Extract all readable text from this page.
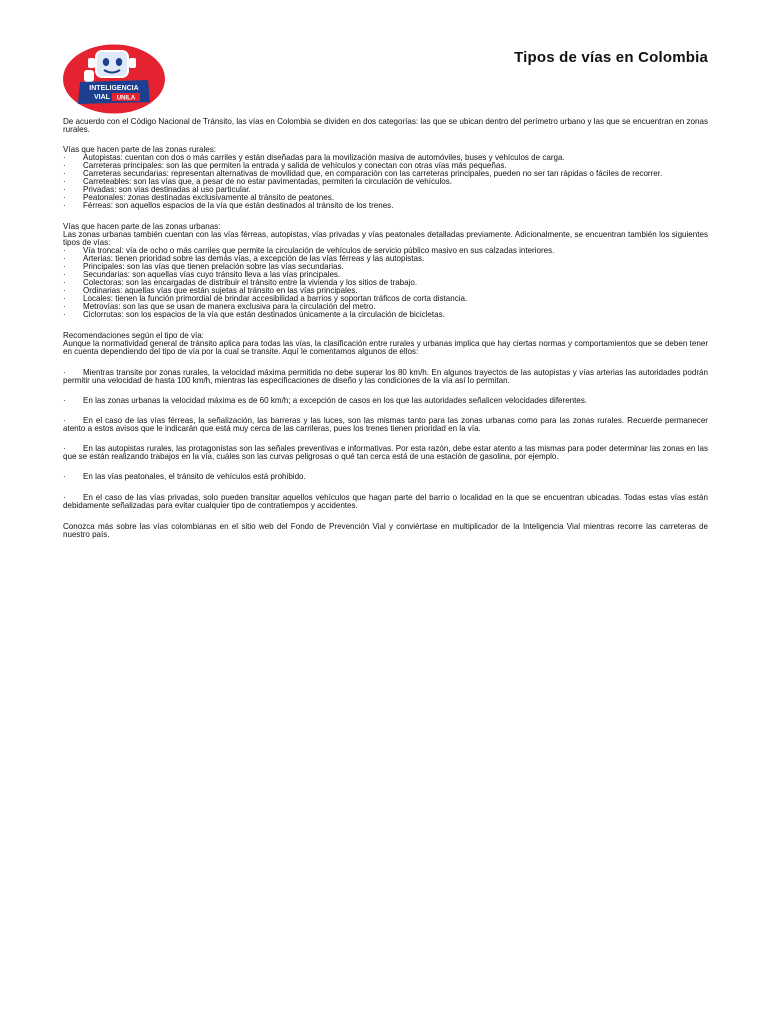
INTELIGENCIA
VIAL UNILA
Tipos de vías en Colombia

De acuerdo con el Código Nacional de Tránsito, las vías en Colombia se dividen en dos categorías: las que se ubican dentro del perímetro urbano y las que se encuentran en zonas rurales.

Vías que hacen parte de las zonas rurales:

· Autopistas: cuentan con dos o más carriles y están diseñadas para la movilización masiva de automóviles, buses y vehículos de carga.

· Carreteras principales: son las que permiten la entrada y salida de vehículos y conectan con otras vías más pequeñas.

· Carreteras secundarias: representan alternativas de movilidad que, en comparación con las carreteras principales, pueden no ser tan rápidas o fáciles de recorrer.

· Carreteables: son las vías que, a pesar de no estar pavimentadas, permiten la circulación de vehículos.

· Privadas: son vías destinadas al uso particular.

· Peatonales: zonas destinadas exclusivamente al tránsito de peatones.

· Férreas: son aquellos espacios de la vía que están destinados al tránsito de los trenes.

Vías que hacen parte de las zonas urbanas:

Las zonas urbanas también cuentan con las vías férreas, autopistas, vías privadas y vías peatonales detalladas previamente. Adicionalmente, se encuentran también los siguientes tipos de vías:

· Vía troncal: vía de ocho o más carriles que permite la circulación de vehículos de servicio público masivo en sus calzadas interiores.

· Arterias: tienen prioridad sobre las demás vías, a excepción de las vías férreas y las autopistas.

· Principales: son las vías que tienen prelación sobre las vías secundarias.

· Secundarias: son aquellas vías cuyo tránsito lleva a las vías principales.

· Colectoras: son las encargadas de distribuir el tránsito entre la vivienda y los sitios de trabajo.

· Ordinarias: aquellas vías que están sujetas al tránsito en las vías principales.

· Locales: tienen la función primordial de brindar accesibilidad a barrios y soportan tráficos de corta distancia.

· Metrovías: son las que se usan de manera exclusiva para la circulación del metro.

· Ciclorrutas: son los espacios de la vía que están destinados únicamente a la circulación de bicicletas.

Recomendaciones según el tipo de vía:

Aunque la normatividad general de tránsito aplica para todas las vías, la clasificación entre rurales y urbanas implica que hay ciertas normas y comportamientos que se deben tener en cuenta dependiendo del tipo de vía por la cual se transite. Aquí le comentamos algunos de ellos:

· Mientras transite por zonas rurales, la velocidad máxima permitida no debe superar los 80 km/h. En algunos trayectos de las autopistas y vías arterias las autoridades podrán permitir una velocidad de hasta 100 km/h, mientras las especificaciones de diseño y las condiciones de la vía así lo permitan.

· En las zonas urbanas la velocidad máxima es de 60 km/h; a excepción de casos en los que las autoridades señalicen velocidades diferentes.

· En el caso de las vías férreas, la señalización, las barreras y las luces, son las mismas tanto para las zonas urbanas como para las zonas rurales. Recuerde permanecer atento a estos avisos que le indicarán que está muy cerca de las carrileras, pues los trenes tienen prioridad en la vía.

· En las autopistas rurales, las protagonistas son las señales preventivas e informativas. Por esta razón, debe estar atento a las mismas para poder determinar las zonas en las que se están realizando trabajos en la vía, cuáles son las curvas peligrosas o qué tan cerca está de una estación de gasolina, por ejemplo.

· En las vías peatonales, el tránsito de vehículos está prohibido.

· En el caso de las vías privadas, solo pueden transitar aquellos vehículos que hagan parte del barrio o localidad en la que se encuentran ubicadas. Todas estas vías están debidamente señalizadas para evitar cualquier tipo de contratiempos y accidentes.

Conozca más sobre las vías colombianas en el sitio web del Fondo de Prevención Vial y conviértase en multiplicador de la Inteligencia Vial mientras recorre las carreteras de nuestro país.
